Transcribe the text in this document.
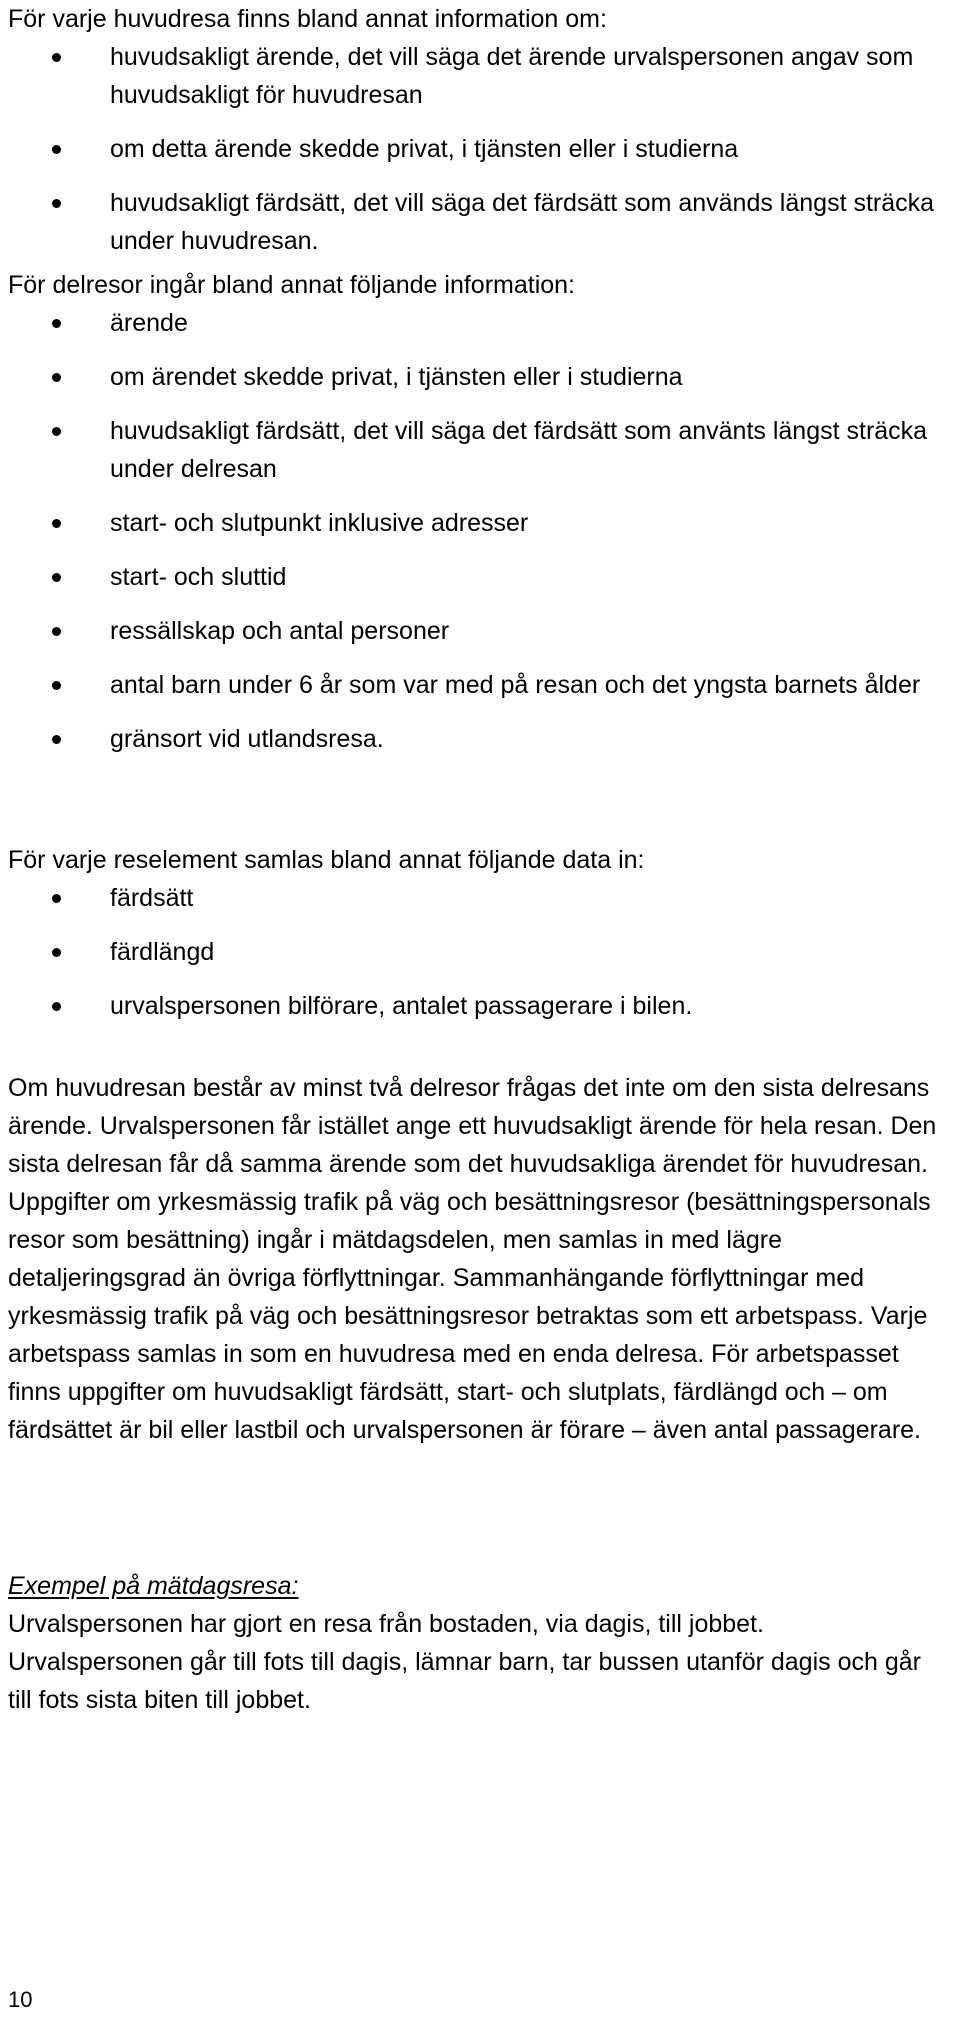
För varje huvudresa finns bland annat information om:

huvudsakligt ärende, det vill säga det ärende urvalspersonen angav som huvudsakligt för huvudresan
om detta ärende skedde privat, i tjänsten eller i studierna
huvudsakligt färdsätt, det vill säga det färdsätt som används längst sträcka under huvudresan.

För delresor ingår bland annat följande information:

ärende
om ärendet skedde privat, i tjänsten eller i studierna
huvudsakligt färdsätt, det vill säga det färdsätt som använts längst sträcka under delresan
start- och slutpunkt inklusive adresser
start- och sluttid
ressällskap och antal personer
antal barn under 6 år som var med på resan och det yngsta barnets ålder
gränsort vid utlandsresa.

För varje reselement samlas bland annat följande data in:

färdsätt
färdlängd
urvalspersonen bilförare, antalet passagerare i bilen.

Om huvudresan består av minst två delresor frågas det inte om den sista delresans ärende. Urvalspersonen får istället ange ett huvudsakligt ärende för hela resan. Den sista delresan får då samma ärende som det huvudsakliga ärendet för huvudresan.

Uppgifter om yrkesmässig trafik på väg och besättningsresor (besättningspersonals resor som besättning) ingår i mätdagsdelen, men samlas in med lägre detaljeringsgrad än övriga förflyttningar. Sammanhängande förflyttningar med yrkesmässig trafik på väg och besättningsresor betraktas som ett arbetspass. Varje arbetspass samlas in som en huvudresa med en enda delresa. För arbetspasset finns uppgifter om huvudsakligt färdsätt, start- och slutplats, färdlängd och – om färdsättet är bil eller lastbil och urvalspersonen är förare – även antal passagerare.

Exempel på mätdagsresa:

Urvalspersonen har gjort en resa från bostaden, via dagis, till jobbet.

Urvalspersonen går till fots till dagis, lämnar barn, tar bussen utanför dagis och går till fots sista biten till jobbet.

10
